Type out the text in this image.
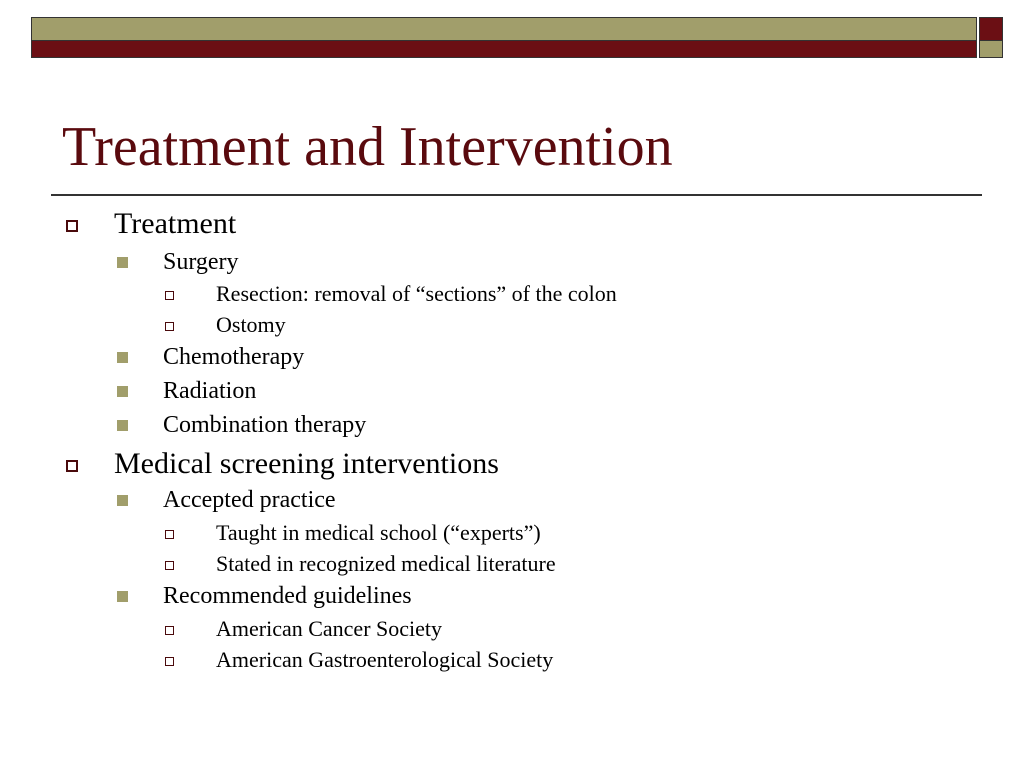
Treatment and Intervention
Treatment
Surgery
Resection: removal of “sections” of the colon
Ostomy
Chemotherapy
Radiation
Combination therapy
Medical screening interventions
Accepted practice
Taught in medical school (“experts”)
Stated in recognized medical literature
Recommended guidelines
American Cancer Society
American Gastroenterological Society
